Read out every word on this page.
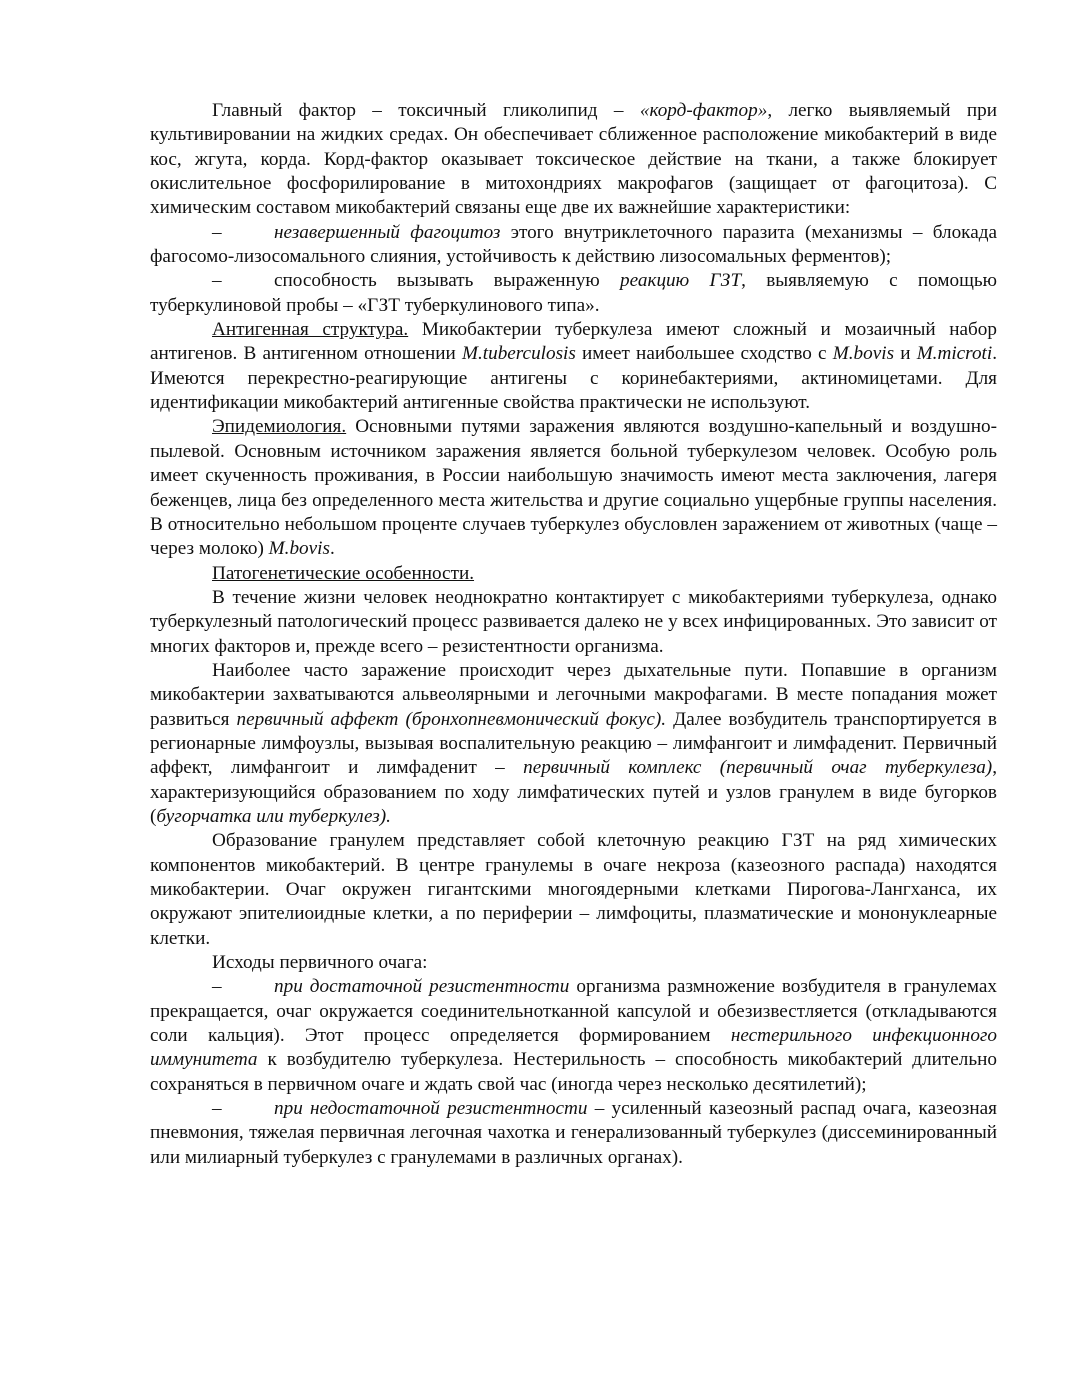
Главный фактор – токсичный гликолипид – «корд-фактор», легко выявляемый при культивировании на жидких средах. Он обеспечивает сближенное расположение микобактерий в виде кос, жгута, корда. Корд-фактор оказывает токсическое действие на ткани, а также блокирует окислительное фосфорилирование в митохондриях макрофагов (защищает от фагоцитоза). С химическим составом микобактерий связаны еще две их важнейшие характеристики:

–	незавершенный фагоцитоз этого внутриклеточного паразита (механизмы – блокада фагосомо-лизосомального слияния, устойчивость к действию лизосомальных ферментов);

–	способность вызывать выраженную реакцию ГЗТ, выявляемую с помощью туберкулиновой пробы – «ГЗТ туберкулинового типа».

Антигенная структура. Микобактерии туберкулеза имеют сложный и мозаичный набор антигенов. В антигенном отношении M.tuberculosis имеет наибольшее сходство с M.bovis и M.microti. Имеются перекрестно-реагирующие антигены с коринебактериями, актиномицетами. Для идентификации микобактерий антигенные свойства практически не используют.

Эпидемиология. Основными путями заражения являются воздушно-капельный и воздушно-пылевой. Основным источником заражения является больной туберкулезом человек. Особую роль имеет скученность проживания, в России наибольшую значимость имеют места заключения, лагеря беженцев, лица без определенного места жительства и другие социально ущербные группы населения. В относительно небольшом проценте случаев туберкулез обусловлен заражением от животных (чаще – через молоко) M.bovis.

Патогенетические особенности.

В течение жизни человек неоднократно контактирует с микобактериями туберкулеза, однако туберкулезный патологический процесс развивается далеко не у всех инфицированных. Это зависит от многих факторов и, прежде всего – резистентности организма.

Наиболее часто заражение происходит через дыхательные пути. Попавшие в организм микобактерии захватываются альвеолярными и легочными макрофагами. В месте попадания может развиться первичный аффект (бронхопневмонический фокус). Далее возбудитель транспортируется в регионарные лимфоузлы, вызывая воспалительную реакцию – лимфангоит и лимфаденит. Первичный аффект, лимфангоит и лимфаденит – первичный комплекс (первичный очаг туберкулеза), характеризующийся образованием по ходу лимфатических путей и узлов гранулем в виде бугорков (бугорчатка или туберкулез).

Образование гранулем представляет собой клеточную реакцию ГЗТ на ряд химических компонентов микобактерий. В центре гранулемы в очаге некроза (казеозного распада) находятся микобактерии. Очаг окружен гигантскими многоядерными клетками Пирогова-Лангханса, их окружают эпителиоидные клетки, а по периферии – лимфоциты, плазматические и мононуклеарные клетки.

Исходы первичного очага:

–	при достаточной резистентности организма размножение возбудителя в гранулемах прекращается, очаг окружается соединительнотканной капсулой и обезизвестляется (откладываются соли кальция). Этот процесс определяется формированием нестерильного инфекционного иммунитета к возбудителю туберкулеза. Нестерильность – способность микобактерий длительно сохраняться в первичном очаге и ждать свой час (иногда через несколько десятилетий);

–	при недостаточной резистентности – усиленный казеозный распад очага, казеозная пневмония, тяжелая первичная легочная чахотка и генерализованный туберкулез (диссеминированный или милиарный туберкулез с гранулемами в различных органах).
